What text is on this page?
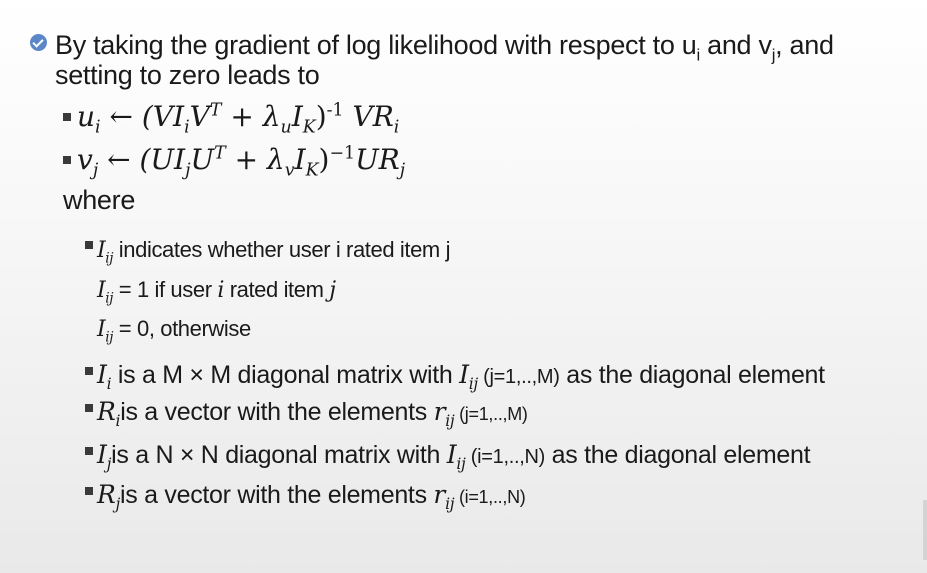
By taking the gradient of log likelihood with respect to $u_i$ and $v_j$, and
setting to zero leads to
$u_i$ ← $(VI_iV^T + \lambda_uI_K)^{-1}$ $VR_i$
$v_j$ ← $(UI_jU^T + \lambda_vI_K)^{-1}UR_j$
where
$I_{ij}$ indicates whether user i rated item j
$I_{ij} = 1$ if user i rated item j
$I_{ij} = 0$, otherwise
$I_i$ is a M × M diagonal matrix with $I_{ij}$ (j=1,..,M) as the diagonal element
$R_iis$ a vector with the elements $r_{ij}$ (j=1,..,M)
$I_jis$ a N × N diagonal matrix with $I_{ij}$ (i=1,..,N) as the diagonal element
$R_jis$ a vector with the elements $r_{ij}$ (i=1,..,N)
